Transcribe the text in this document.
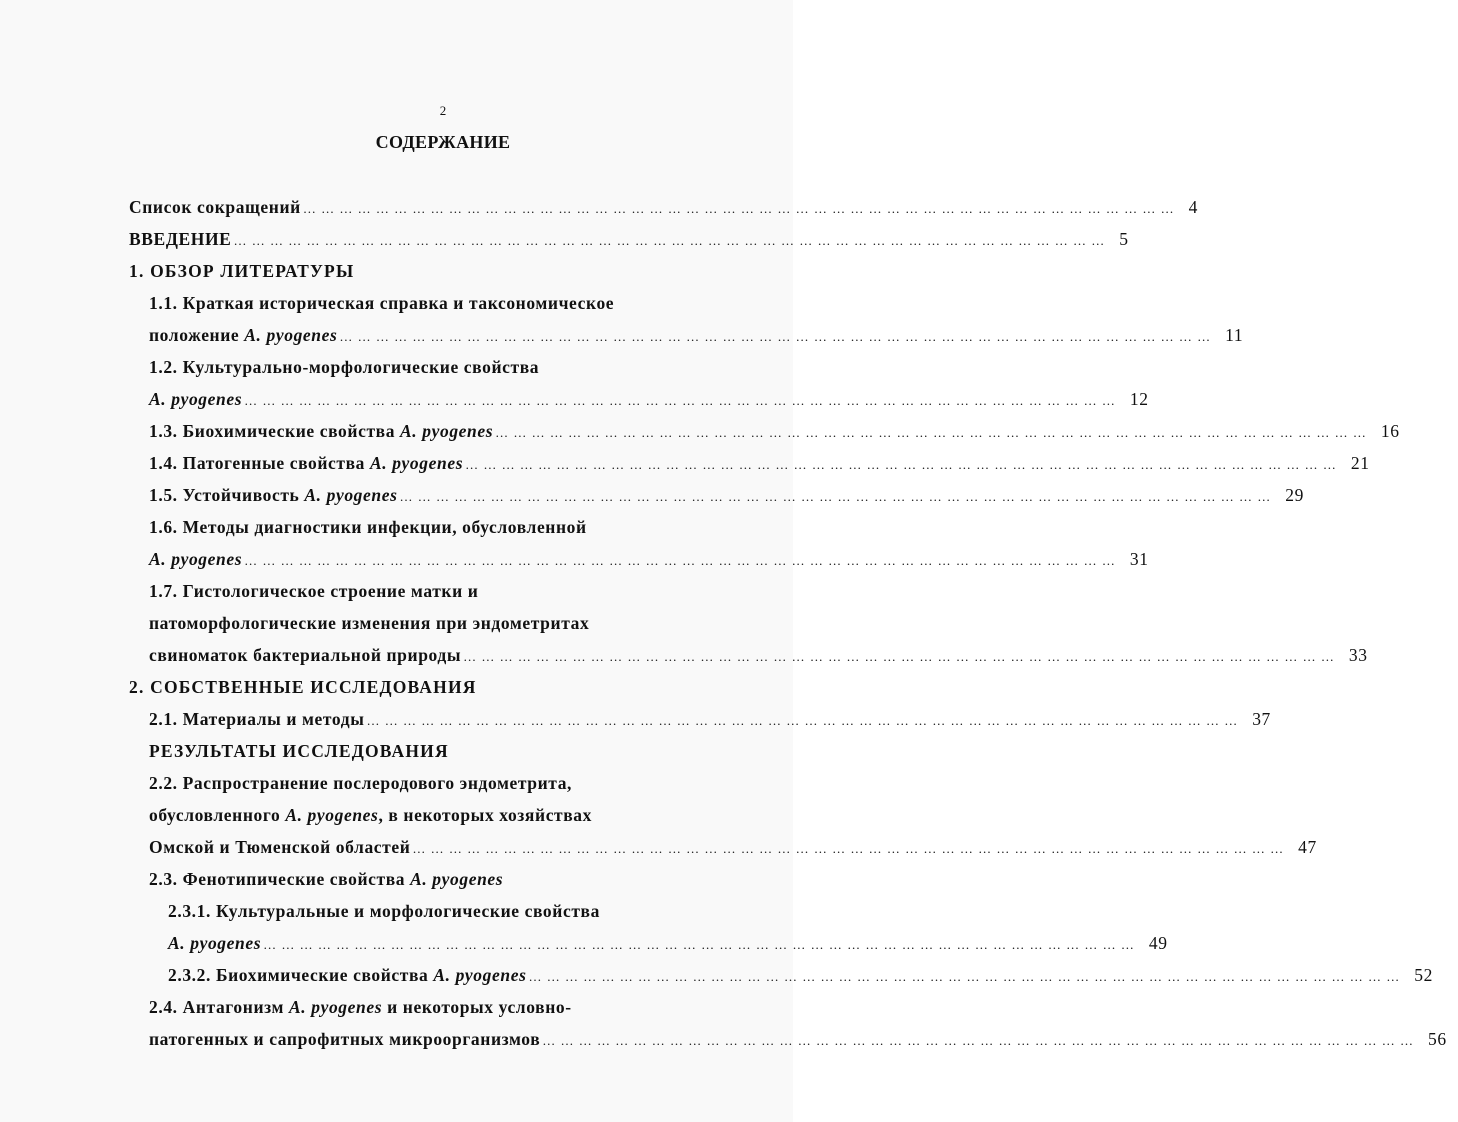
2
СОДЕРЖАНИЕ
Список сокращений … … … … … … … … … … … … … … … … … … … … … … … … … … … … … … … … … … … … … … … … … … … … … … … … 4
ВВЕДЕНИЕ … … … … … … … … … … … … … … … … … … … … … … … … … … … … … … … … … … … … … … … … … … … … … … … … 5
1. ОБЗОР ЛИТЕРАТУРЫ
1.1. Краткая историческая справка и таксономическое
положение A. pyogenes … … … … … … … … … … … … … … … … … … … … … … … … … … … … … … … … … … … … … … … … … … … … … … … … 11
1.2. Культурально-морфологические свойства
A. pyogenes … … … … … … … … … … … … … … … … … … … … … … … … … … … … … … … … … … … … … … … … … … … … … … … … 12
1.3. Биохимические свойства A. pyogenes … … … … … … … … … … … … … … … … … … … … … … … … … … … … … … … … … … … … … … … … … … … … … … … … 16
1.4. Патогенные свойства A. pyogenes … … … … … … … … … … … … … … … … … … … … … … … … … … … … … … … … … … … … … … … … … … … … … … … … 21
1.5. Устойчивость A. pyogenes … … … … … … … … … … … … … … … … … … … … … … … … … … … … … … … … … … … … … … … … … … … … … … … … 29
1.6. Методы диагностики инфекции, обусловленной
A. pyogenes … … … … … … … … … … … … … … … … … … … … … … … … … … … … … … … … … … … … … … … … … … … … … … … … 31
1.7. Гистологическое строение матки и
патоморфологические изменения при эндометритах
свиноматок бактериальной природы … … … … … … … … … … … … … … … … … … … … … … … … … … … … … … … … … … … … … … … … … … … … … … … … 33
2. СОБСТВЕННЫЕ ИССЛЕДОВАНИЯ
2.1. Материалы и методы … … … … … … … … … … … … … … … … … … … … … … … … … … … … … … … … … … … … … … … … … … … … … … … … 37
РЕЗУЛЬТАТЫ ИССЛЕДОВАНИЯ
2.2. Распространение послеродового эндометрита,
обусловленного A. pyogenes, в некоторых хозяйствах
Омской и Тюменской областей … … … … … … … … … … … … … … … … … … … … … … … … … … … … … … … … … … … … … … … … … … … … … … … … 47
2.3. Фенотипические свойства A. pyogenes
2.3.1. Культуральные и морфологические свойства
A. pyogenes … … … … … … … … … … … … … … … … … … … … … … … … … … … … … … … … … … … … … … … … … … … … … … … … 49
2.3.2. Биохимические свойства A. pyogenes … … … … … … … … … … … … … … … … … … … … … … … … … … … … … … … … … … … … … … … … … … … … … … … … 52
2.4. Антагонизм A. pyogenes и некоторых условно-
патогенных и сапрофитных микроорганизмов … … … … … … … … … … … … … … … … … … … … … … … … … … … … … … … … … … … … … … … … … … … … … … … … 56
